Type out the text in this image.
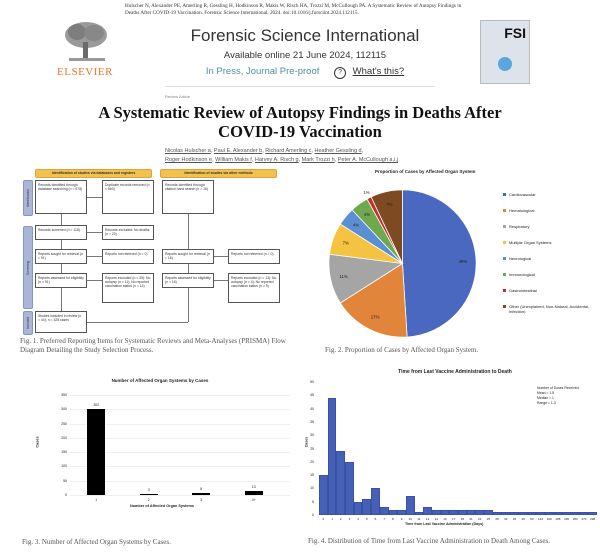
Hulscher N, Alexander PE, Amerling R, Gessling H, Hodkinson R, Makis W, Risch HA, Trozzi M, McCullough PA. A Systematic Review of Autopsy Findings in Deaths After COVID-19 Vaccination. Forensic Science International. 2024. doi:10.1016/j.forsciint.2024.112115.
ELSEVIER
Forensic Science International
Available online 21 June 2024, 112115
In Press, Journal Pre-proof	? What's this?
FSI
Review Article
A Systematic Review of Autopsy Findings in Deaths After COVID-19 Vaccination
Nicolas Hulscher a, Paul E. Alexander b, Richard Amerling c, Heather Gessling d,
Roger Hodkinson e, William Makis f, Harvey A. Risch g, Mark Trozzi h, Peter A. McCullough a,i,j
Identification of studies via databases and registers	Identification of studies via other methods
Identification
Screening
Included
Records identified through database searching (n = 678)
Duplicate records removed (n = 560)
Records identified through citation hand search (n = 16)
Records screened (n = 118)	Records excluded: No deaths (n = 20)
Reports sought for retrieval (n = 91)
Reports not retrieved (n = 0)	Reports sought for retrieval (n = 16)
Reports not retrieved (n = 0)
Reports assessed for eligibility (n = 91)
Reports excluded (n = 25): No autopsy (n = 11); No reported vaccination status (n = 14)
Reports assessed for eligibility (n = 16)
Reports excluded (n = 13): No autopsy (n = 4); No reported vaccination status (n = 9)
Studies included in review (n = 44); n = 325 cases
Fig. 1. Preferred Reporting Items for Systematic Reviews and Meta-Analyses (PRISMA) Flow Diagram Detailing the Study Selection Process.
Proportion of Cases by Affected Organ System
49%
17%
11%
7%
4%
4%
1%
7%
Cardiovascular
Hematological
Respiratory
Multiple Organ Systems
Neurological
Immunological
Gastrointestinal
Other (Unexplained, Non-Natural, Accidental, Infection)
Fig. 2. Proportion of Cases by Affected Organ System.
Number of Affected Organ Systems by Cases
0
50
100
150
200
250
300
350
Cases
302
1
3
2
8
3
13
4+
Number of Affected Organ Systems
Fig. 3. Number of Affected Organ Systems by Cases.
Time from Last Vaccine Administration to Death
0
5
10
15
20
25
30
35
40
45
50
Cases
0	1	2	3	4	5	6	7	8	9	10	11	12	14	16	17	18	21	24	25	28	32	36	39	53	122	160	188	195	250	270	298
Time from Last Vaccine Administration (Days)
Number of Doses Received:
Mean = 1.5
Median = 1
Range = 1-3
Fig. 4. Distribution of Time from Last Vaccine Administration to Death Among Cases.
